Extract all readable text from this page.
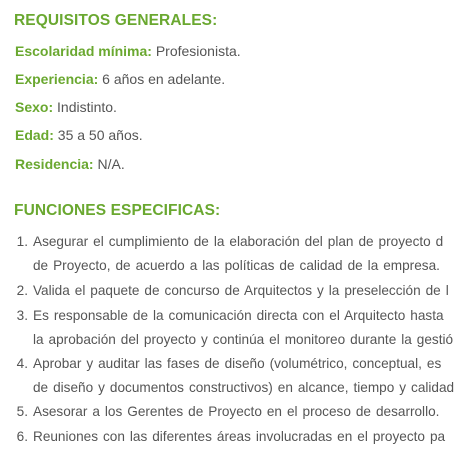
REQUISITOS GENERALES:
Escolaridad mínima: Profesionista.
Experiencia: 6 años en adelante.
Sexo: Indistinto.
Edad: 35 a 50 años.
Residencia: N/A.
FUNCIONES ESPECIFICAS:
1. Asegurar el cumplimiento de la elaboración del plan de proyecto d
de Proyecto, de acuerdo a las políticas de calidad de la empresa.
2. Valida el paquete de concurso de Arquitectos y la preselección de l
3. Es responsable de la comunicación directa con el Arquitecto hasta
la aprobación del proyecto y continúa el monitoreo durante la gestió
4. Aprobar y auditar las fases de diseño (volumétrico, conceptual, es
de diseño y documentos constructivos) en alcance, tiempo y calidad
5. Asesorar a los Gerentes de Proyecto en el proceso de desarrollo.
6. Reuniones con las diferentes áreas involucradas en el proyecto pa
